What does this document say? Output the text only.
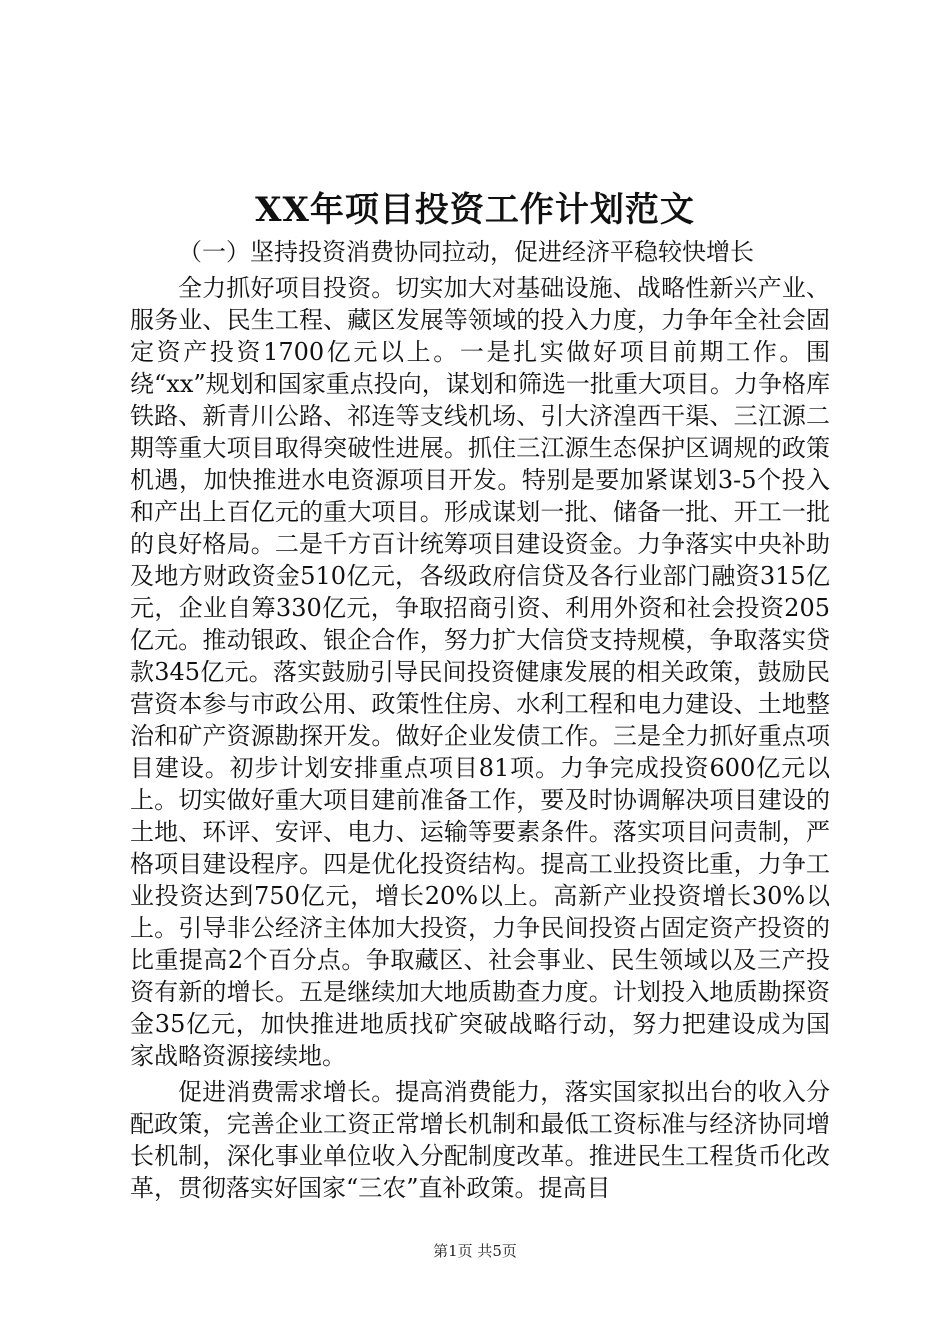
XX年项目投资工作计划范文

（一）坚持投资消费协同拉动，促进经济平稳较快增长

全力抓好项目投资。切实加大对基础设施、战略性新兴产业、服务业、民生工程、藏区发展等领域的投入力度，力争年全社会固定资产投资1700亿元以上。一是扎实做好项目前期工作。围绕“xx”规划和国家重点投向，谋划和筛选一批重大项目。力争格库铁路、新青川公路、祁连等支线机场、引大济湟西干渠、三江源二期等重大项目取得突破性进展。抓住三江源生态保护区调规的政策机遇，加快推进水电资源项目开发。特别是要加紧谋划3-5个投入和产出上百亿元的重大项目。形成谋划一批、储备一批、开工一批的良好格局。二是千方百计统筹项目建设资金。力争落实中央补助及地方财政资金510亿元，各级政府信贷及各行业部门融资315亿元，企业自筹330亿元，争取招商引资、利用外资和社会投资205亿元。推动银政、银企合作，努力扩大信贷支持规模，争取落实贷款345亿元。落实鼓励引导民间投资健康发展的相关政策，鼓励民营资本参与市政公用、政策性住房、水利工程和电力建设、土地整治和矿产资源勘探开发。做好企业发债工作。三是全力抓好重点项目建设。初步计划安排重点项目81项。力争完成投资600亿元以上。切实做好重大项目建前准备工作，要及时协调解决项目建设的土地、环评、安评、电力、运输等要素条件。落实项目问责制，严格项目建设程序。四是优化投资结构。提高工业投资比重，力争工业投资达到750亿元，增长20%以上。高新产业投资增长30%以上。引导非公经济主体加大投资，力争民间投资占固定资产投资的比重提高2个百分点。争取藏区、社会事业、民生领域以及三产投资有新的增长。五是继续加大地质勘查力度。计划投入地质勘探资金35亿元，加快推进地质找矿突破战略行动，努力把建设成为国家战略资源接续地。

促进消费需求增长。提高消费能力，落实国家拟出台的收入分配政策，完善企业工资正常增长机制和最低工资标准与经济协同增长机制，深化事业单位收入分配制度改革。推进民生工程货币化改革，贯彻落实好国家“三农”直补政策。提高目

第1页 共5页
